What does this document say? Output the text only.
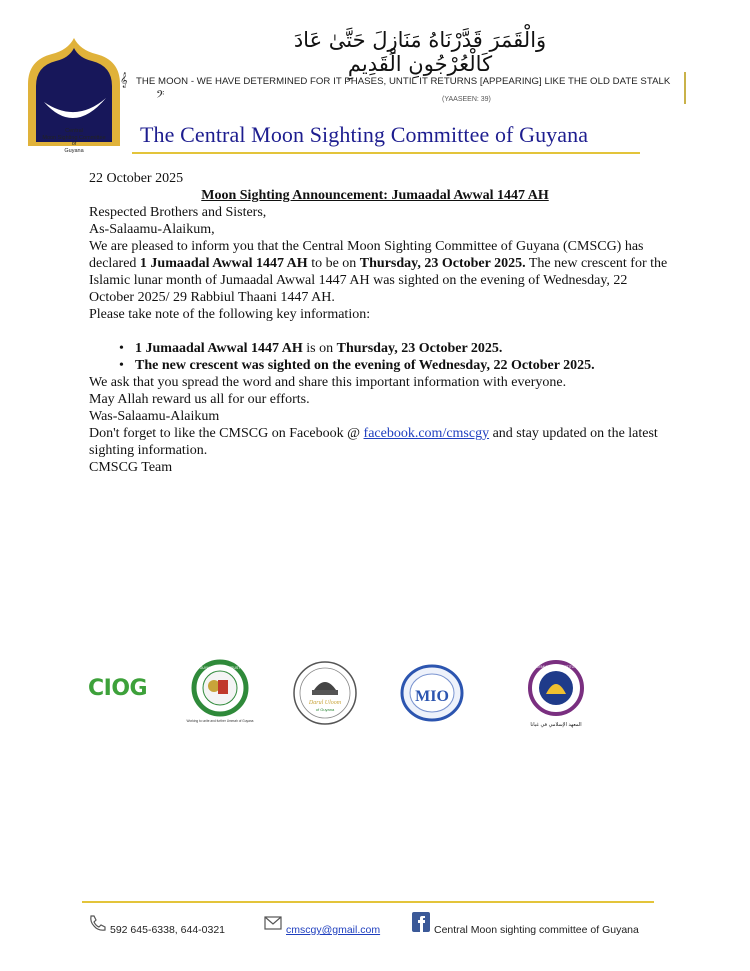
Central
Moon Sighting Committee
of
Guyana
وَالْقَمَرَ قَدَّرْنَاهُ مَنَازِلَ حَتَّىٰ عَادَ كَالْعُرْجُونِ الْقَدِيمِ
𝄞 THE MOON - WE HAVE DETERMINED FOR IT PHASES, UNTIL IT RETURNS [APPEARING] LIKE THE OLD DATE STALK
𝄢	(YAASEEN: 39)
The Central Moon Sighting Committee of Guyana

22 October 2025

Moon Sighting Announcement: Jumaadal Awwal 1447 AH

Respected Brothers and Sisters,

As-Salaamu-Alaikum,

We are pleased to inform you that the Central Moon Sighting Committee of Guyana (CMSCG) has declared 1 Jumaadal Awwal 1447 AH to be on Thursday, 23 October 2025. The new crescent for the Islamic lunar month of Jumaadal Awwal 1447 AH was sighted on the evening of Wednesday, 22 October 2025/ 29 Rabbiul Thaani 1447 AH.

Please take note of the following key information:

• 1 Jumaadal Awwal 1447 AH is on Thursday, 23 October 2025.
• The new crescent was sighted on the evening of Wednesday, 22 October 2025.

We ask that you spread the word and share this important information with everyone.

May Allah reward us all for our efforts.

Was-Salaamu-Alaikum

Don't forget to like the CMSCG on Facebook @ facebook.com/cmscgy and stay updated on the latest sighting information.

CMSCG Team

CIOG
GUYANA ISLAMIC TRUST
Working to unite and further Ummah of Guyana
Darul Uloom
of Guyana
MIO
GUYANA ISLAMIC INSTITUTE
المعهد الإسلامي في غيانا
592 645-6338, 644-0321	cmscgy@gmail.com	Central Moon sighting committee of Guyana
